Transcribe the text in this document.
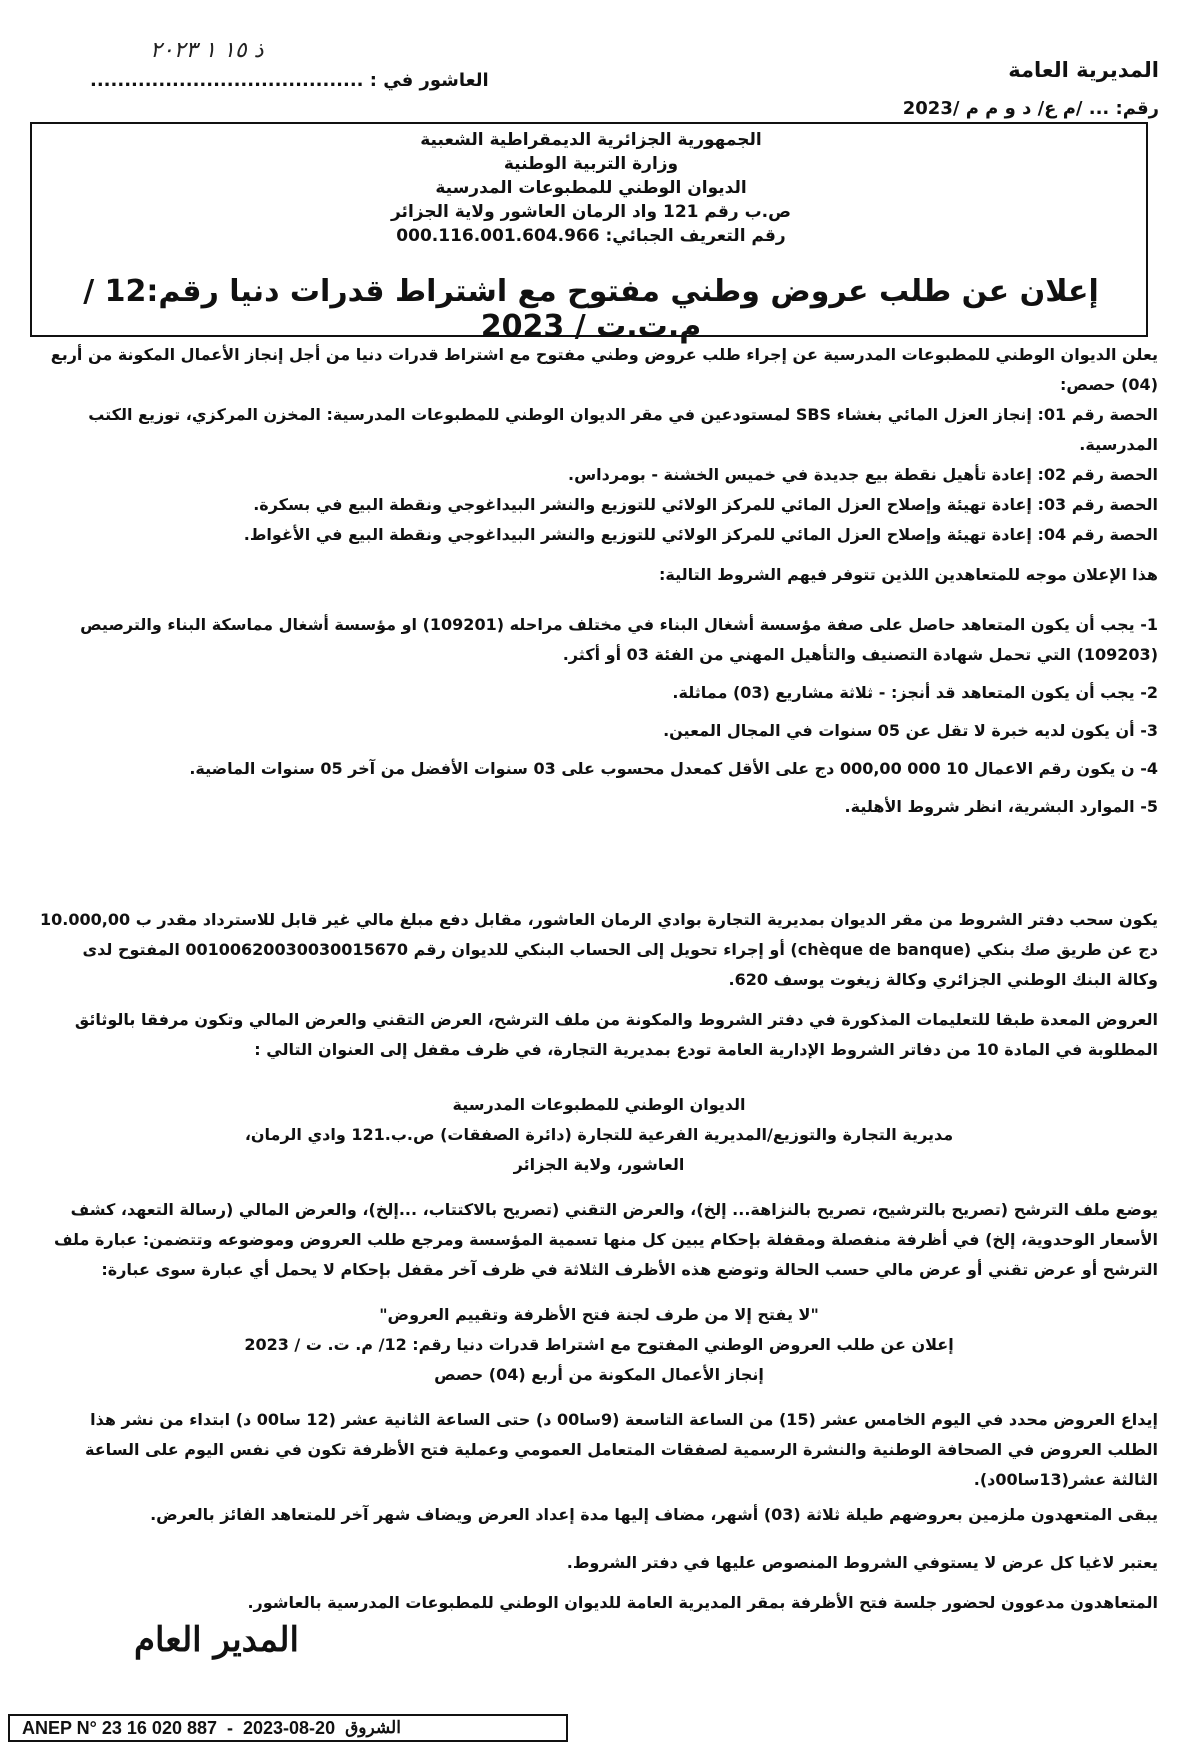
ذ ١٥ ١ ٢٠٢٣
العاشور في : ........................................	المديرية العامة
رقم: ... /م ع/ د و م م /2023
الجمهورية الجزائرية الديمقراطية الشعبية
وزارة التربية الوطنية
الديوان الوطني للمطبوعات المدرسية
ص.ب رقم 121 واد الرمان العاشور ولاية الجزائر
رقم التعريف الجبائي: 000.116.001.604.966
إعلان عن طلب عروض وطني مفتوح مع اشتراط قدرات دنيا رقم:12 / م.ت.ت / 2023
يعلن الديوان الوطني للمطبوعات المدرسية عن إجراء طلب عروض وطني مفتوح مع اشتراط قدرات دنيا من أجل إنجاز الأعمال المكونة من أربع (04) حصص:

الحصة رقم 01: إنجاز العزل المائي بغشاء SBS لمستودعين في مقر الديوان الوطني للمطبوعات المدرسية: المخزن المركزي، توزيع الكتب المدرسية.

الحصة رقم 02: إعادة تأهيل نقطة بيع جديدة في خميس الخشنة - بومرداس.

الحصة رقم 03: إعادة تهيئة وإصلاح العزل المائي للمركز الولائي للتوزيع والنشر البيداغوجي ونقطة البيع في بسكرة.

الحصة رقم 04: إعادة تهيئة وإصلاح العزل المائي للمركز الولائي للتوزيع والنشر البيداغوجي ونقطة البيع في الأغواط.

هذا الإعلان موجه للمتعاهدين اللذين تتوفر فيهم الشروط التالية:

1- يجب أن يكون المتعاهد حاصل على صفة مؤسسة أشغال البناء في مختلف مراحله (109201) او مؤسسة أشغال مماسكة البناء والترصيص (109203) التي تحمل شهادة التصنيف والتأهيل المهني من الفئة 03 أو أكثر.

2- يجب أن يكون المتعاهد قد أنجز: - ثلاثة مشاريع (03) مماثلة.

3- أن يكون لديه خبرة لا تقل عن 05 سنوات في المجال المعين.

4- ن يكون رقم الاعمال 10 000 000,00 دج على الأقل كمعدل محسوب على 03 سنوات الأفضل من آخر 05 سنوات الماضية.

5- الموارد البشرية، انظر شروط الأهلية.

يكون سحب دفتر الشروط من مقر الديوان بمديرية التجارة بوادي الرمان العاشور، مقابل دفع مبلغ مالي غير قابل للاسترداد مقدر ب 10.000,00 دج عن طريق صك بنكي (chèque de banque) أو إجراء تحويل إلى الحساب البنكي للديوان رقم 00100620030030015670 المفتوح لدى وكالة البنك الوطني الجزائري وكالة زيغوت يوسف 620.
العروض المعدة طبقا للتعليمات المذكورة في دفتر الشروط والمكونة من ملف الترشح، العرض التقني والعرض المالي وتكون مرفقا بالوثائق المطلوبة في المادة 10 من دفاتر الشروط الإدارية العامة تودع بمديرية التجارة، في ظرف مقفل إلى العنوان التالي :

الديوان الوطني للمطبوعات المدرسية

مديرية التجارة والتوزيع/المديرية الفرعية للتجارة (دائرة الصفقات) ص.ب.121 وادي الرمان،

العاشور، ولاية الجزائر

يوضع ملف الترشح (تصريح بالترشيح، تصريح بالنزاهة... إلخ)، والعرض التقني (تصريح بالاكتتاب، ...إلخ)، والعرض المالي (رسالة التعهد، كشف الأسعار الوحدوية، إلخ) في أظرفة منفصلة ومقفلة بإحكام يبين كل منها تسمية المؤسسة ومرجع طلب العروض وموضوعه وتتضمن: عبارة ملف الترشح أو عرض تقني أو عرض مالي حسب الحالة وتوضع هذه الأظرف الثلاثة في ظرف آخر مقفل بإحكام لا يحمل أي عبارة سوى عبارة:

"لا يفتح إلا من طرف لجنة فتح الأظرفة وتقييم العروض"

إعلان عن طلب العروض الوطني المفتوح مع اشتراط قدرات دنيا رقم: 12/ م. ت. ت / 2023

إنجاز الأعمال المكونة من أربع (04) حصص

إيداع العروض محدد في اليوم الخامس عشر (15) من الساعة التاسعة (9سا00 د) حتى الساعة الثانية عشر (12 سا00 د) ابتداء من نشر هذا الطلب العروض في الصحافة الوطنية والنشرة الرسمية لصفقات المتعامل العمومي وعملية فتح الأظرفة تكون في نفس اليوم على الساعة الثالثة عشر(13سا00د).
يبقى المتعهدون ملزمين بعروضهم طيلة ثلاثة (03) أشهر، مضاف إليها مدة إعداد العرض ويضاف شهر آخر للمتعاهد الفائز بالعرض.
يعتبر لاغيا كل عرض لا يستوفي الشروط المنصوص عليها في دفتر الشروط.
المتعاهدون مدعوون لحضور جلسة فتح الأظرفة بمقر المديرية العامة للديوان الوطني للمطبوعات المدرسية بالعاشور.
المدير العام
ANEP N° 23 16 020 887 - 2023-08-20 الشروق
